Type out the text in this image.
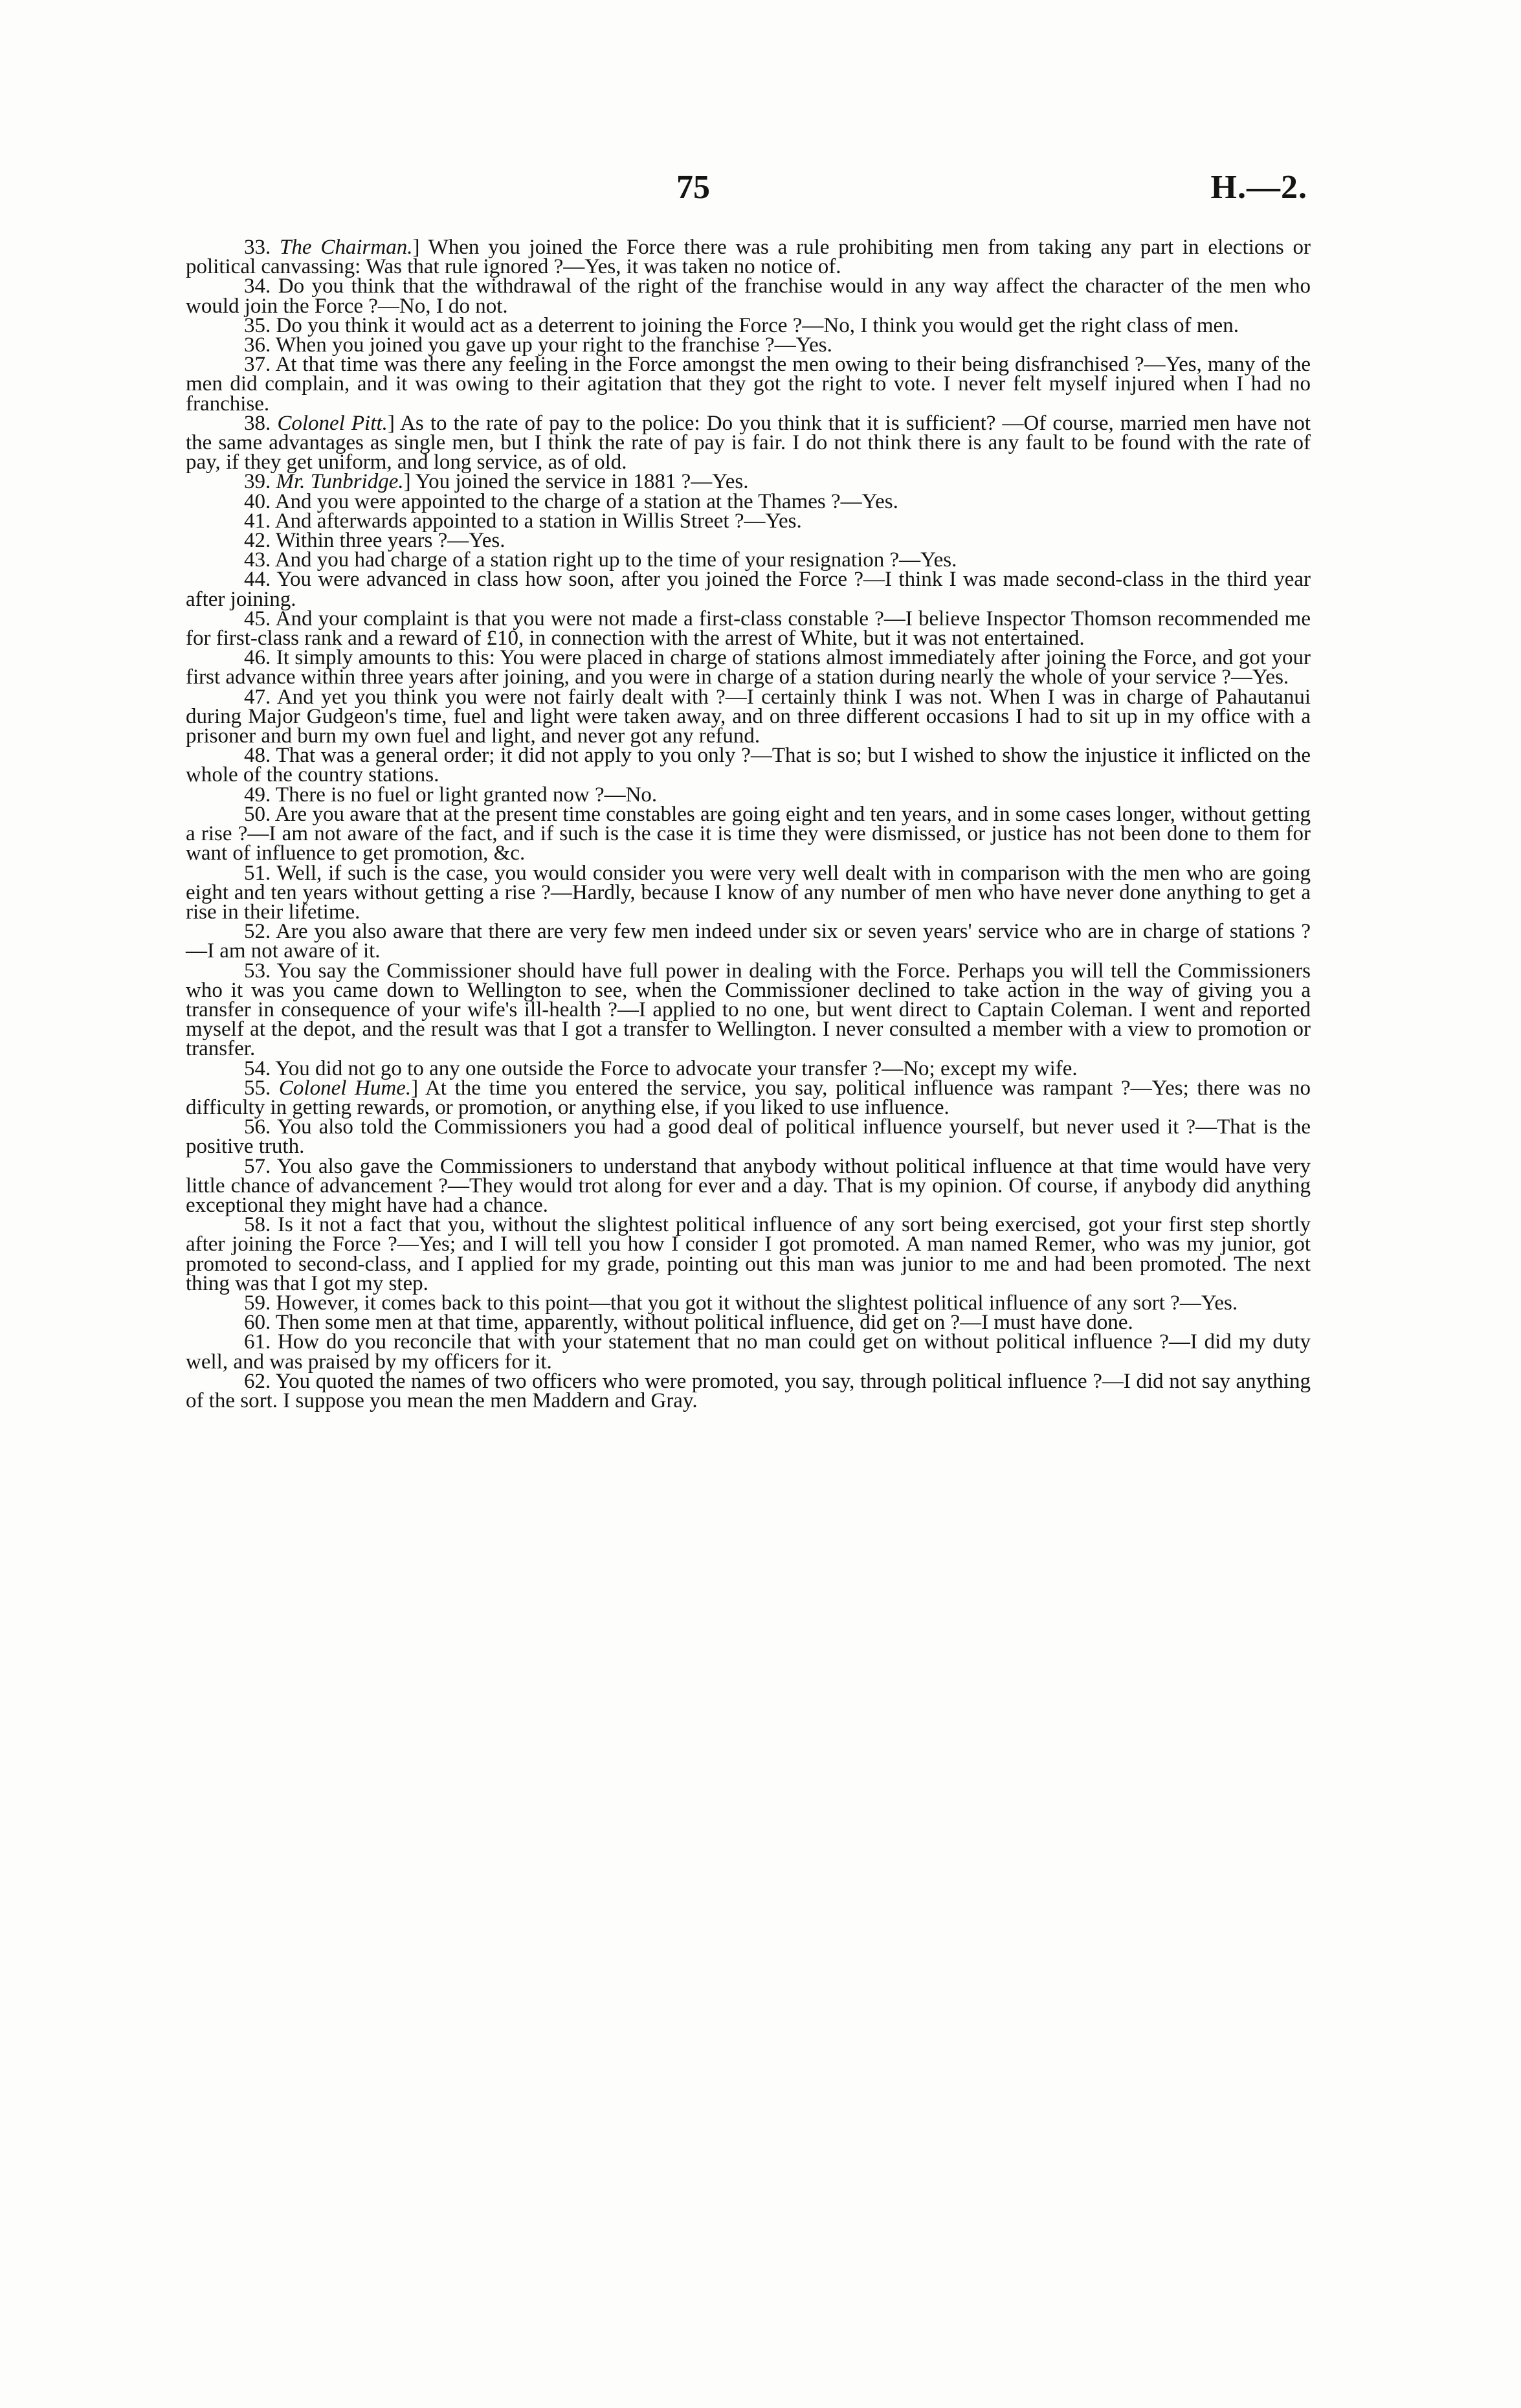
75	H.—2.

33. The Chairman.] When you joined the Force there was a rule prohibiting men from taking any part in elections or political canvassing: Was that rule ignored ?—Yes, it was taken no notice of.

34. Do you think that the withdrawal of the right of the franchise would in any way affect the character of the men who would join the Force ?—No, I do not.

35. Do you think it would act as a deterrent to joining the Force ?—No, I think you would get the right class of men.

36. When you joined you gave up your right to the franchise ?—Yes.

37. At that time was there any feeling in the Force amongst the men owing to their being disfranchised ?—Yes, many of the men did complain, and it was owing to their agitation that they got the right to vote. I never felt myself injured when I had no franchise.

38. Colonel Pitt.] As to the rate of pay to the police: Do you think that it is sufficient? —Of course, married men have not the same advantages as single men, but I think the rate of pay is fair. I do not think there is any fault to be found with the rate of pay, if they get uniform, and long service, as of old.

39. Mr. Tunbridge.] You joined the service in 1881 ?—Yes.

40. And you were appointed to the charge of a station at the Thames ?—Yes.

41. And afterwards appointed to a station in Willis Street ?—Yes.

42. Within three years ?—Yes.

43. And you had charge of a station right up to the time of your resignation ?—Yes.

44. You were advanced in class how soon, after you joined the Force ?—I think I was made second-class in the third year after joining.

45. And your complaint is that you were not made a first-class constable ?—I believe Inspector Thomson recommended me for first-class rank and a reward of £10, in connection with the arrest of White, but it was not entertained.

46. It simply amounts to this: You were placed in charge of stations almost immediately after joining the Force, and got your first advance within three years after joining, and you were in charge of a station during nearly the whole of your service ?—Yes.

47. And yet you think you were not fairly dealt with ?—I certainly think I was not. When I was in charge of Pahautanui during Major Gudgeon's time, fuel and light were taken away, and on three different occasions I had to sit up in my office with a prisoner and burn my own fuel and light, and never got any refund.

48. That was a general order; it did not apply to you only ?—That is so; but I wished to show the injustice it inflicted on the whole of the country stations.

49. There is no fuel or light granted now ?—No.

50. Are you aware that at the present time constables are going eight and ten years, and in some cases longer, without getting a rise ?—I am not aware of the fact, and if such is the case it is time they were dismissed, or justice has not been done to them for want of influence to get promotion, &c.

51. Well, if such is the case, you would consider you were very well dealt with in comparison with the men who are going eight and ten years without getting a rise ?—Hardly, because I know of any number of men who have never done anything to get a rise in their lifetime.

52. Are you also aware that there are very few men indeed under six or seven years' service who are in charge of stations ?—I am not aware of it.

53. You say the Commissioner should have full power in dealing with the Force. Perhaps you will tell the Commissioners who it was you came down to Wellington to see, when the Commissioner declined to take action in the way of giving you a transfer in consequence of your wife's ill-health ?—I applied to no one, but went direct to Captain Coleman. I went and reported myself at the depot, and the result was that I got a transfer to Wellington. I never consulted a member with a view to promotion or transfer.

54. You did not go to any one outside the Force to advocate your transfer ?—No; except my wife.

55. Colonel Hume.] At the time you entered the service, you say, political influence was rampant ?—Yes; there was no difficulty in getting rewards, or promotion, or anything else, if you liked to use influence.

56. You also told the Commissioners you had a good deal of political influence yourself, but never used it ?—That is the positive truth.

57. You also gave the Commissioners to understand that anybody without political influence at that time would have very little chance of advancement ?—They would trot along for ever and a day. That is my opinion. Of course, if anybody did anything exceptional they might have had a chance.

58. Is it not a fact that you, without the slightest political influence of any sort being exercised, got your first step shortly after joining the Force ?—Yes; and I will tell you how I consider I got promoted. A man named Remer, who was my junior, got promoted to second-class, and I applied for my grade, pointing out this man was junior to me and had been promoted. The next thing was that I got my step.

59. However, it comes back to this point—that you got it without the slightest political influence of any sort ?—Yes.

60. Then some men at that time, apparently, without political influence, did get on ?—I must have done.

61. How do you reconcile that with your statement that no man could get on without political influence ?—I did my duty well, and was praised by my officers for it.

62. You quoted the names of two officers who were promoted, you say, through political influence ?—I did not say anything of the sort. I suppose you mean the men Maddern and Gray.
